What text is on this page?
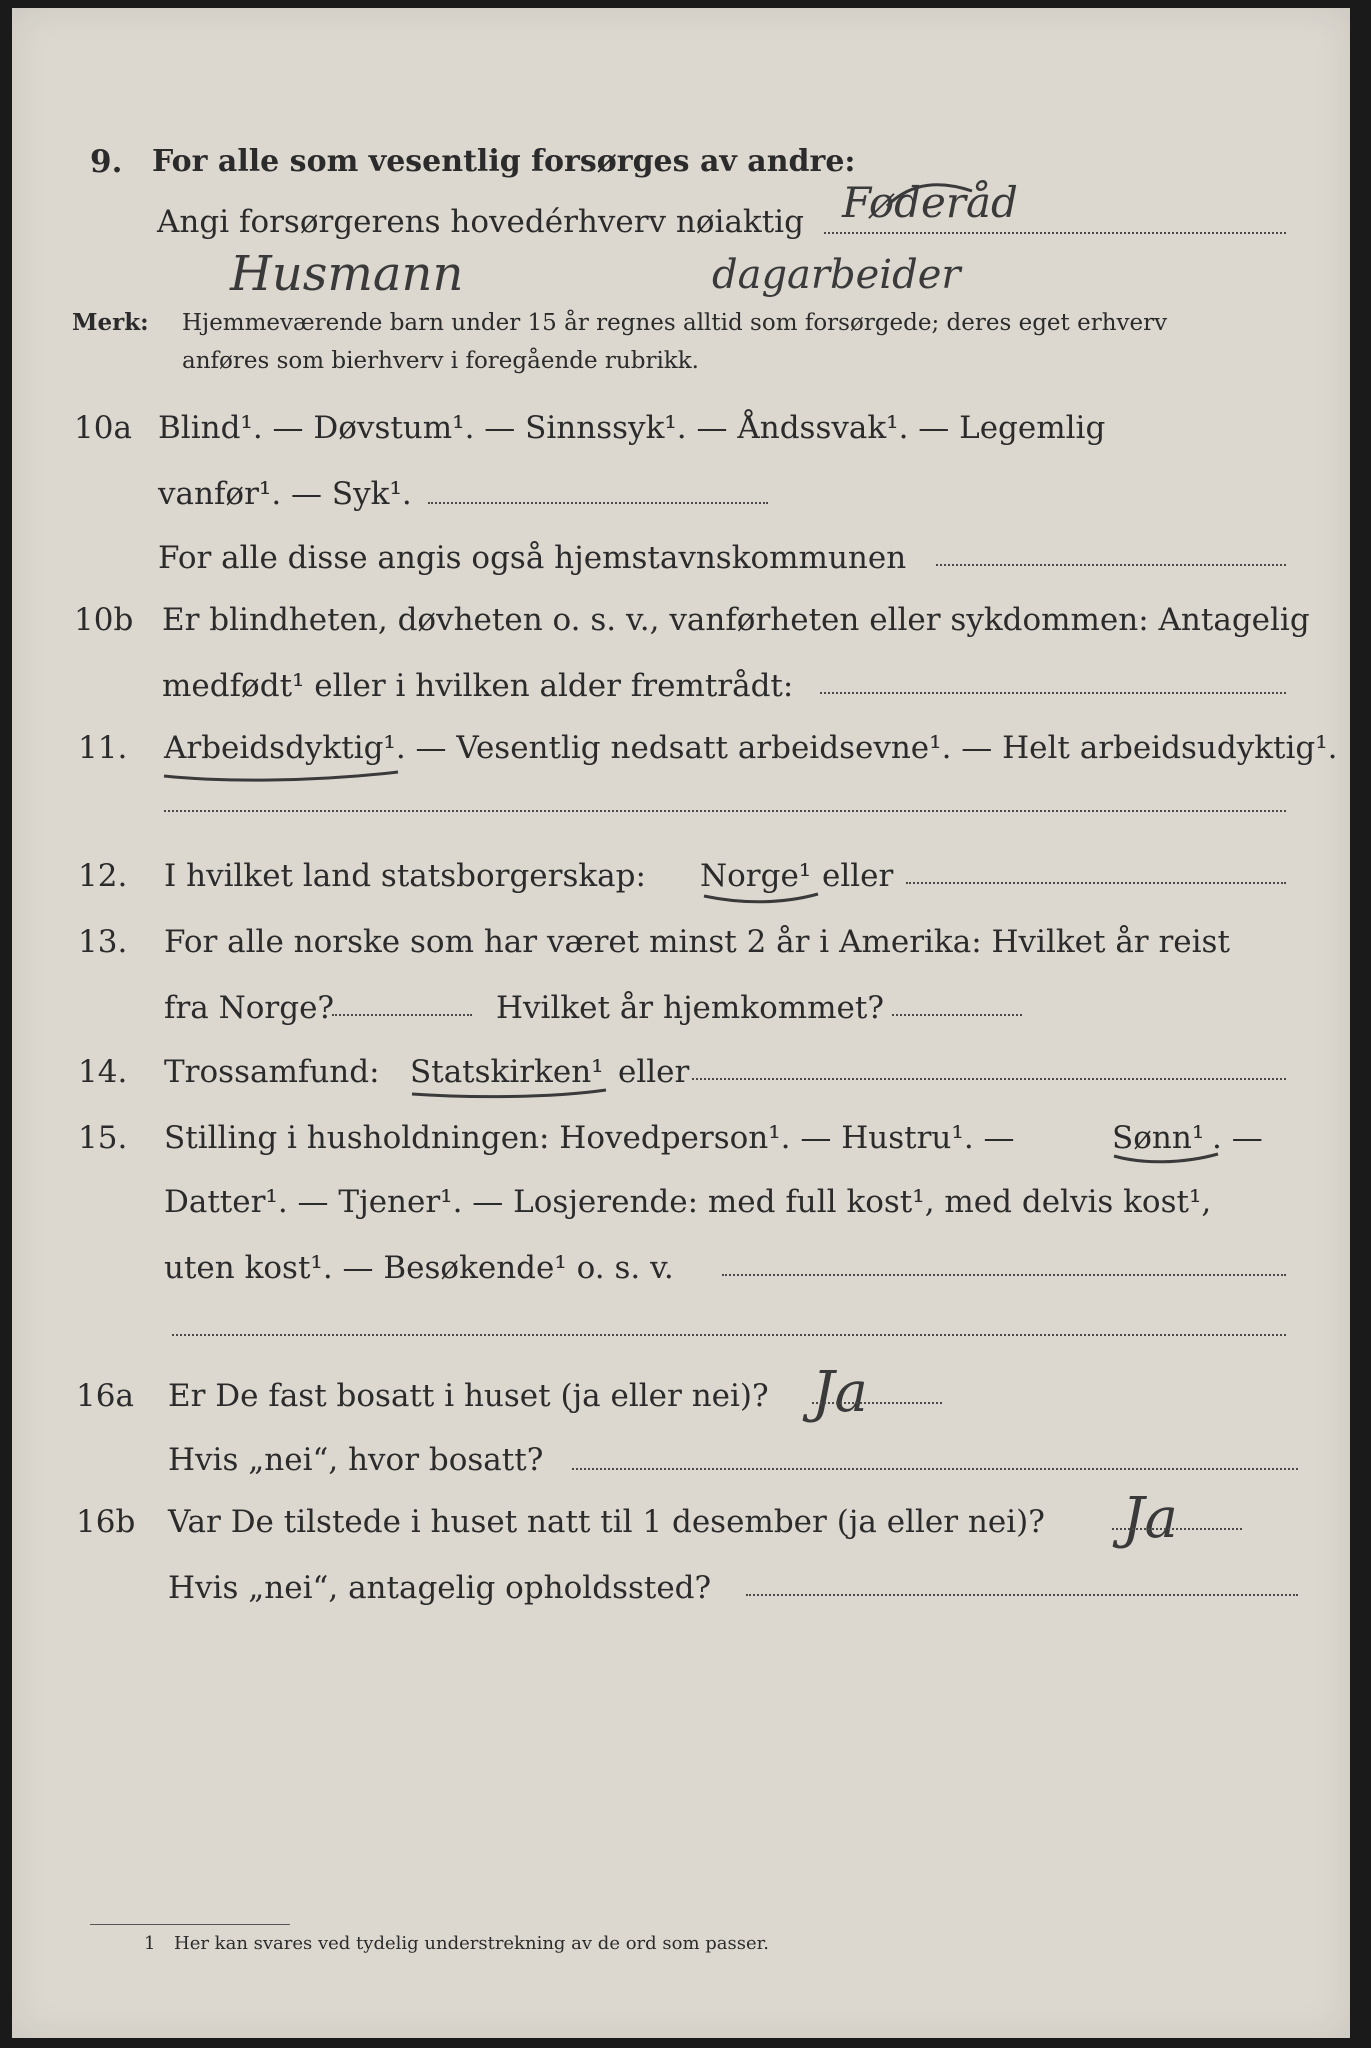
9. For alle som vesentlig forsørges av andre:
Angi forsørgerens hovedérhverv nøiaktig Føderåd
Husmann	dagarbeider
Merk: Hjemmeværende barn under 15 år regnes alltid som forsørgede; deres eget erhverv
anføres som bierhverv i foregående rubrikk.
10a Blind¹. — Døvstum¹. — Sinnssyk¹. — Åndssvak¹. — Legemlig
vanfør¹. — Syk¹.
For alle disse angis også hjemstavnskommunen
10b Er blindheten, døvheten o. s. v., vanførheten eller sykdommen: Antagelig
medfødt¹ eller i hvilken alder fremtrådt:
11. Arbeidsdyktig¹. — Vesentlig nedsatt arbeidsevne¹. — Helt arbeidsudyktig¹.
12. I hvilket land statsborgerskap: Norge¹ eller
13. For alle norske som har været minst 2 år i Amerika: Hvilket år reist
fra Norge?	Hvilket år hjemkommet?
14. Trossamfund: Statskirken¹ eller
15. Stilling i husholdningen: Hovedperson¹. — Hustru¹. —	Sønn¹ . —
Datter¹. — Tjener¹. — Losjerende: med full kost¹, med delvis kost¹,
uten kost¹. — Besøkende¹ o. s. v.
16a Er De fast bosatt i huset (ja eller nei)? Ja
Hvis „nei“, hvor bosatt?
16b Var De tilstede i huset natt til 1 desember (ja eller nei)? Ja
Hvis „nei“, antagelig opholdssted?
1 Her kan svares ved tydelig understrekning av de ord som passer.
